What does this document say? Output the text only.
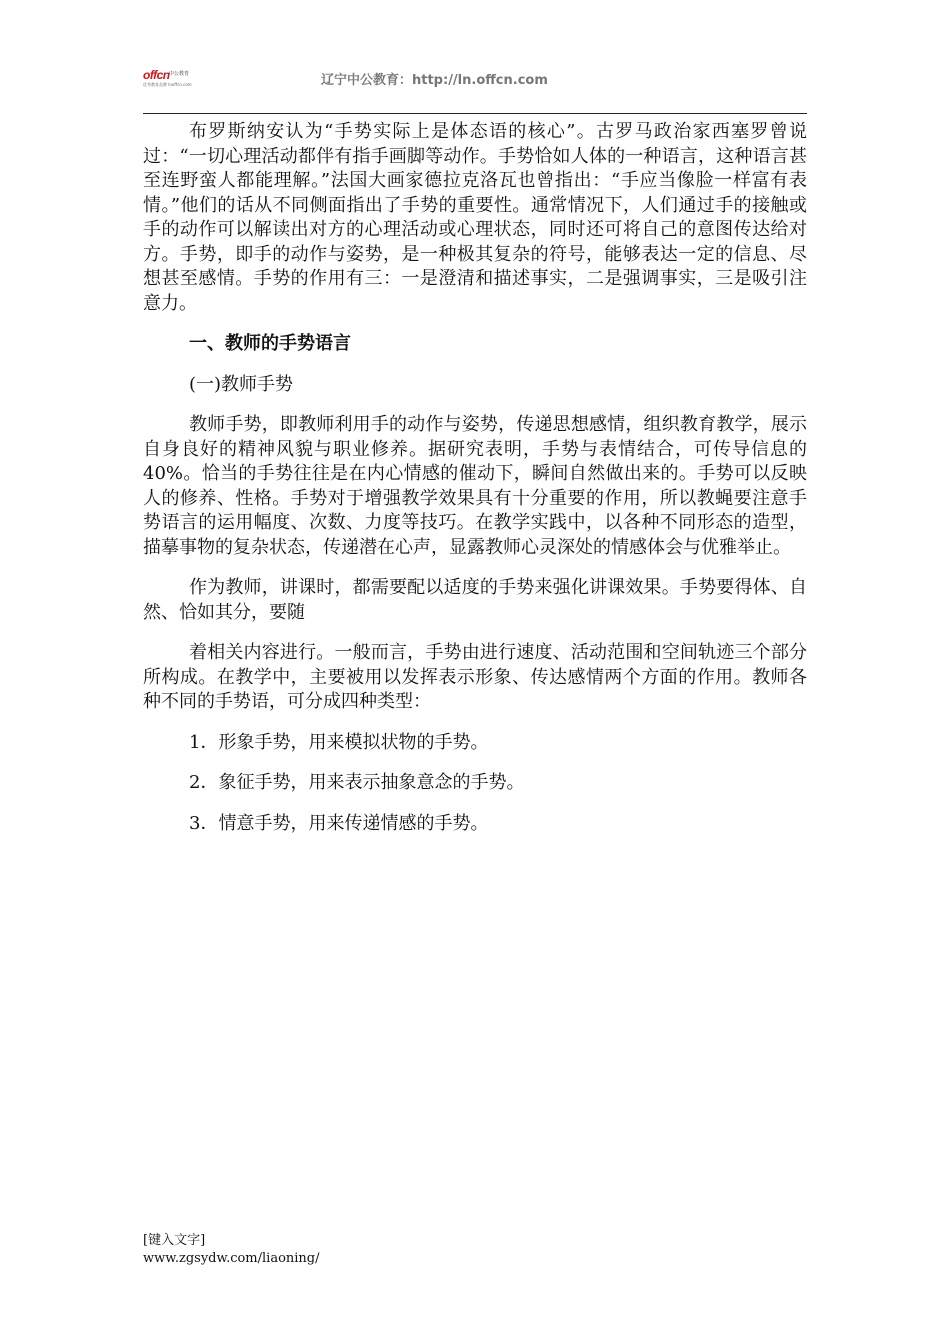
offcn 中公教育
优秀教育品牌 lnoffcn.com	辽宁中公教育：http://ln.offcn.com

布罗斯纳安认为“手势实际上是体态语的核心”。古罗马政治家西塞罗曾说过：“一切心理活动都伴有指手画脚等动作。手势恰如人体的一种语言，这种语言甚至连野蛮人都能理解。”法国大画家德拉克洛瓦也曾指出：“手应当像脸一样富有表情。”他们的话从不同侧面指出了手势的重要性。通常情况下，人们通过手的接触或手的动作可以解读出对方的心理活动或心理状态，同时还可将自己的意图传达给对方。手势，即手的动作与姿势，是一种极其复杂的符号，能够表达一定的信息、尽想甚至感情。手势的作用有三：一是澄清和描述事实，二是强调事实，三是吸引注意力。

一、教师的手势语言

(一)教师手势

教师手势，即教师利用手的动作与姿势，传递思想感情，组织教育教学，展示自身良好的精神风貌与职业修养。据研究表明，手势与表情结合，可传导信息的40%。恰当的手势往往是在内心情感的催动下，瞬间自然做出来的。手势可以反映人的修养、性格。手势对于增强教学效果具有十分重要的作用，所以教蝇要注意手势语言的运用幅度、次数、力度等技巧。在教学实践中，以各种不同形态的造型，描摹事物的复杂状态，传递潜在心声，显露教师心灵深处的情感体会与优雅举止。

作为教师，讲课时，都需要配以适度的手势来强化讲课效果。手势要得体、自然、恰如其分，要随

着相关内容进行。一般而言，手势由进行速度、活动范围和空间轨迹三个部分所构成。在教学中，主要被用以发挥表示形象、传达感情两个方面的作用。教师各种不同的手势语，可分成四种类型：

1．形象手势，用来模拟状物的手势。

2．象征手势，用来表示抽象意念的手势。

3．情意手势，用来传递情感的手势。

[键入文字]
www.zgsydw.com/liaoning/
